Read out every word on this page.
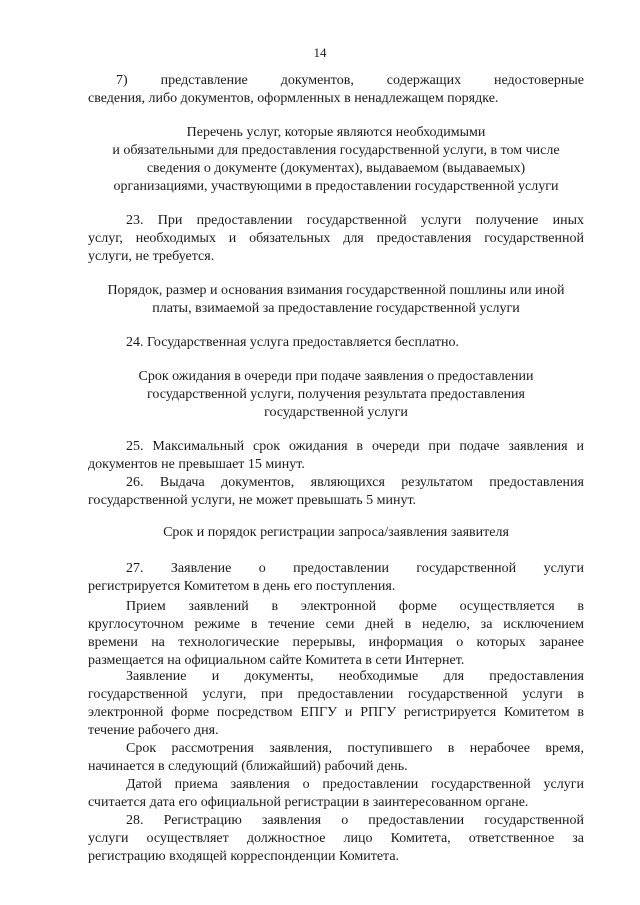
14

7) представление документов, содержащих недостоверные

сведения, либо документов, оформленных в ненадлежащем порядке.

Перечень услуг, которые являются необходимыми

и обязательными для предоставления государственной услуги, в том числе

сведения о документе (документах), выдаваемом (выдаваемых)

организациями, участвующими в предоставлении государственной услуги

23. При предоставлении государственной услуги получение иных

услуг, необходимых и обязательных для предоставления государственной

услуги, не требуется.

Порядок, размер и основания взимания государственной пошлины или иной

платы, взимаемой за предоставление государственной услуги

24. Государственная услуга предоставляется бесплатно.

Срок ожидания в очереди при подаче заявления о предоставлении

государственной услуги, получения результата предоставления

государственной услуги

25. Максимальный срок ожидания в очереди при подаче заявления и

документов не превышает 15 минут.

26. Выдача документов, являющихся результатом предоставления

государственной услуги, не может превышать 5 минут.

Срок и порядок регистрации запроса/заявления заявителя

27. Заявление о предоставлении государственной услуги

регистрируется Комитетом в день его поступления.

Прием заявлений в электронной форме осуществляется в

круглосуточном режиме в течение семи дней в неделю, за исключением

времени на технологические перерывы, информация о которых заранее

размещается на официальном сайте Комитета в сети Интернет.

Заявление и документы, необходимые для предоставления

государственной услуги, при предоставлении государственной услуги в

электронной форме посредством ЕПГУ и РПГУ регистрируется Комитетом в

течение рабочего дня.

Срок рассмотрения заявления, поступившего в нерабочее время,

начинается в следующий (ближайший) рабочий день.

Датой приема заявления о предоставлении государственной услуги

считается дата его официальной регистрации в заинтересованном органе.

28. Регистрацию заявления о предоставлении государственной

услуги осуществляет должностное лицо Комитета, ответственное за

регистрацию входящей корреспонденции Комитета.
